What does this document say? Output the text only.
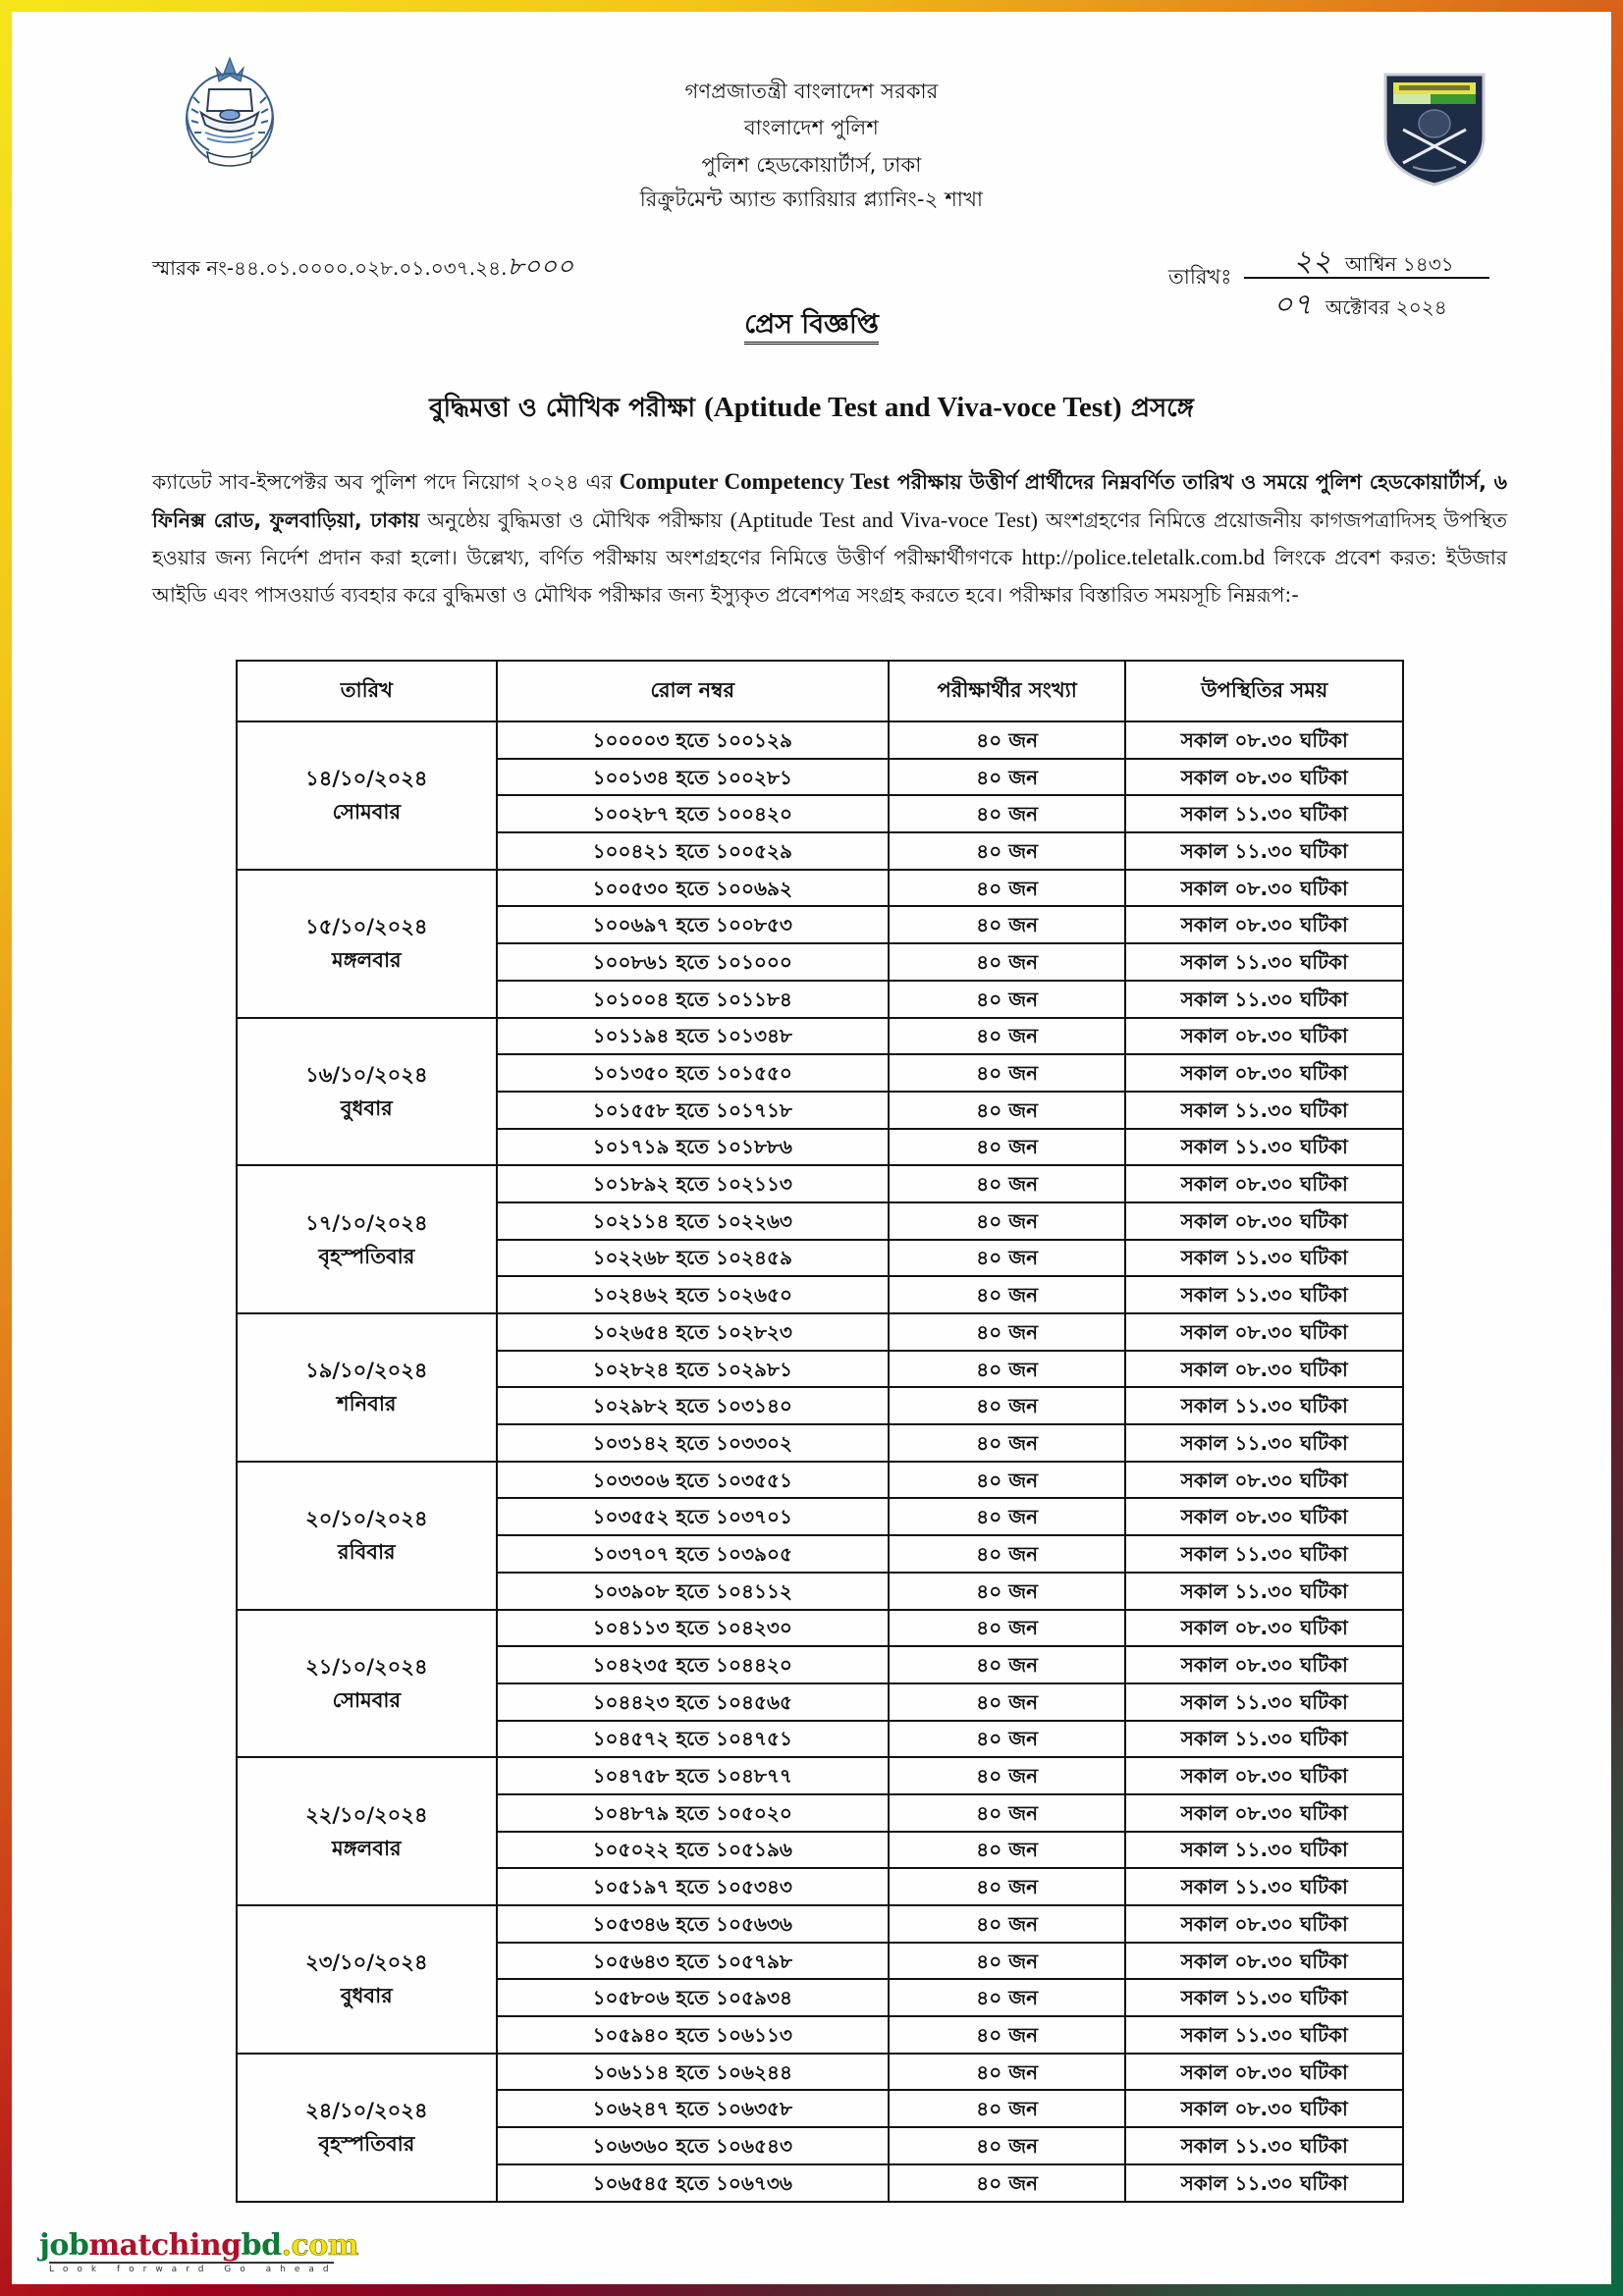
গণপ্রজাতন্ত্রী বাংলাদেশ সরকার
বাংলাদেশ পুলিশ
পুলিশ হেডকোয়ার্টার্স, ঢাকা
রিক্রুটমেন্ট অ্যান্ড ক্যারিয়ার প্ল্যানিং-২ শাখা
স্মারক নং-৪৪.০১.০০০০.০২৮.০১.০৩৭.২৪.৮০০০	তারিখঃ ২২ আশ্বিন ১৪৩১
০৭ অক্টোবর ২০২৪
প্রেস বিজ্ঞপ্তি
বুদ্ধিমত্তা ও মৌখিক পরীক্ষা (Aptitude Test and Viva-voce Test) প্রসঙ্গে
ক্যাডেট সাব-ইন্সপেক্টর অব পুলিশ পদে নিয়োগ ২০২৪ এর Computer Competency Test পরীক্ষায় উত্তীর্ণ প্রার্থীদের নিম্নবর্ণিত তারিখ ও সময়ে পুলিশ হেডকোয়ার্টার্স, ৬ ফিনিক্স রোড, ফুলবাড়িয়া, ঢাকায় অনুষ্ঠেয় বুদ্ধিমত্তা ও মৌখিক পরীক্ষায় (Aptitude Test and Viva-voce Test) অংশগ্রহণের নিমিত্তে প্রয়োজনীয় কাগজপত্রাদিসহ উপস্থিত হওয়ার জন্য নির্দেশ প্রদান করা হলো। উল্লেখ্য, বর্ণিত পরীক্ষায় অংশগ্রহণের নিমিত্তে উত্তীর্ণ পরীক্ষার্থীগণকে http://police.teletalk.com.bd লিংকে প্রবেশ করত: ইউজার আইডি এবং পাসওয়ার্ড ব্যবহার করে বুদ্ধিমত্তা ও মৌখিক পরীক্ষার জন্য ইস্যুকৃত প্রবেশপত্র সংগ্রহ করতে হবে। পরীক্ষার বিস্তারিত সময়সূচি নিম্নরূপ:-
তারিখ	রোল নম্বর	পরীক্ষার্থীর সংখ্যা	উপস্থিতির সময়

১৪/১০/২০২৪
সোমবার	১০০০০৩ হতে ১০০১২৯	৪০ জন	সকাল ০৮.৩০ ঘটিকা
	১০০১৩৪ হতে ১০০২৮১	৪০ জন	সকাল ০৮.৩০ ঘটিকা
	১০০২৮৭ হতে ১০০৪২০	৪০ জন	সকাল ১১.৩০ ঘটিকা
	১০০৪২১ হতে ১০০৫২৯	৪০ জন	সকাল ১১.৩০ ঘটিকা

১৫/১০/২০২৪
মঙ্গলবার	১০০৫৩০ হতে ১০০৬৯২	৪০ জন	সকাল ০৮.৩০ ঘটিকা
	১০০৬৯৭ হতে ১০০৮৫৩	৪০ জন	সকাল ০৮.৩০ ঘটিকা
	১০০৮৬১ হতে ১০১০০০	৪০ জন	সকাল ১১.৩০ ঘটিকা
	১০১০০৪ হতে ১০১১৮৪	৪০ জন	সকাল ১১.৩০ ঘটিকা

১৬/১০/২০২৪
বুধবার	১০১১৯৪ হতে ১০১৩৪৮	৪০ জন	সকাল ০৮.৩০ ঘটিকা
	১০১৩৫০ হতে ১০১৫৫০	৪০ জন	সকাল ০৮.৩০ ঘটিকা
	১০১৫৫৮ হতে ১০১৭১৮	৪০ জন	সকাল ১১.৩০ ঘটিকা
	১০১৭১৯ হতে ১০১৮৮৬	৪০ জন	সকাল ১১.৩০ ঘটিকা

১৭/১০/২০২৪
বৃহস্পতিবার	১০১৮৯২ হতে ১০২১১৩	৪০ জন	সকাল ০৮.৩০ ঘটিকা
	১০২১১৪ হতে ১০২২৬৩	৪০ জন	সকাল ০৮.৩০ ঘটিকা
	১০২২৬৮ হতে ১০২৪৫৯	৪০ জন	সকাল ১১.৩০ ঘটিকা
	১০২৪৬২ হতে ১০২৬৫০	৪০ জন	সকাল ১১.৩০ ঘটিকা

১৯/১০/২০২৪
শনিবার	১০২৬৫৪ হতে ১০২৮২৩	৪০ জন	সকাল ০৮.৩০ ঘটিকা
	১০২৮২৪ হতে ১০২৯৮১	৪০ জন	সকাল ০৮.৩০ ঘটিকা
	১০২৯৮২ হতে ১০৩১৪০	৪০ জন	সকাল ১১.৩০ ঘটিকা
	১০৩১৪২ হতে ১০৩৩০২	৪০ জন	সকাল ১১.৩০ ঘটিকা

২০/১০/২০২৪
রবিবার	১০৩৩০৬ হতে ১০৩৫৫১	৪০ জন	সকাল ০৮.৩০ ঘটিকা
	১০৩৫৫২ হতে ১০৩৭০১	৪০ জন	সকাল ০৮.৩০ ঘটিকা
	১০৩৭০৭ হতে ১০৩৯০৫	৪০ জন	সকাল ১১.৩০ ঘটিকা
	১০৩৯০৮ হতে ১০৪১১২	৪০ জন	সকাল ১১.৩০ ঘটিকা

২১/১০/২০২৪
সোমবার	১০৪১১৩ হতে ১০৪২৩০	৪০ জন	সকাল ০৮.৩০ ঘটিকা
	১০৪২৩৫ হতে ১০৪৪২০	৪০ জন	সকাল ০৮.৩০ ঘটিকা
	১০৪৪২৩ হতে ১০৪৫৬৫	৪০ জন	সকাল ১১.৩০ ঘটিকা
	১০৪৫৭২ হতে ১০৪৭৫১	৪০ জন	সকাল ১১.৩০ ঘটিকা

২২/১০/২০২৪
মঙ্গলবার	১০৪৭৫৮ হতে ১০৪৮৭৭	৪০ জন	সকাল ০৮.৩০ ঘটিকা
	১০৪৮৭৯ হতে ১০৫০২০	৪০ জন	সকাল ০৮.৩০ ঘটিকা
	১০৫০২২ হতে ১০৫১৯৬	৪০ জন	সকাল ১১.৩০ ঘটিকা
	১০৫১৯৭ হতে ১০৫৩৪৩	৪০ জন	সকাল ১১.৩০ ঘটিকা

২৩/১০/২০২৪
বুধবার	১০৫৩৪৬ হতে ১০৫৬৩৬	৪০ জন	সকাল ০৮.৩০ ঘটিকা
	১০৫৬৪৩ হতে ১০৫৭৯৮	৪০ জন	সকাল ০৮.৩০ ঘটিকা
	১০৫৮০৬ হতে ১০৫৯৩৪	৪০ জন	সকাল ১১.৩০ ঘটিকা
	১০৫৯৪০ হতে ১০৬১১৩	৪০ জন	সকাল ১১.৩০ ঘটিকা

২৪/১০/২০২৪
বৃহস্পতিবার	১০৬১১৪ হতে ১০৬২৪৪	৪০ জন	সকাল ০৮.৩০ ঘটিকা
	১০৬২৪৭ হতে ১০৬৩৫৮	৪০ জন	সকাল ০৮.৩০ ঘটিকা
	১০৬৩৬০ হতে ১০৬৫৪৩	৪০ জন	সকাল ১১.৩০ ঘটিকা
	১০৬৫৪৫ হতে ১০৬৭৩৬	৪০ জন	সকাল ১১.৩০ ঘটিকা
jobmatchingbd.com
Look forward Go ahead
